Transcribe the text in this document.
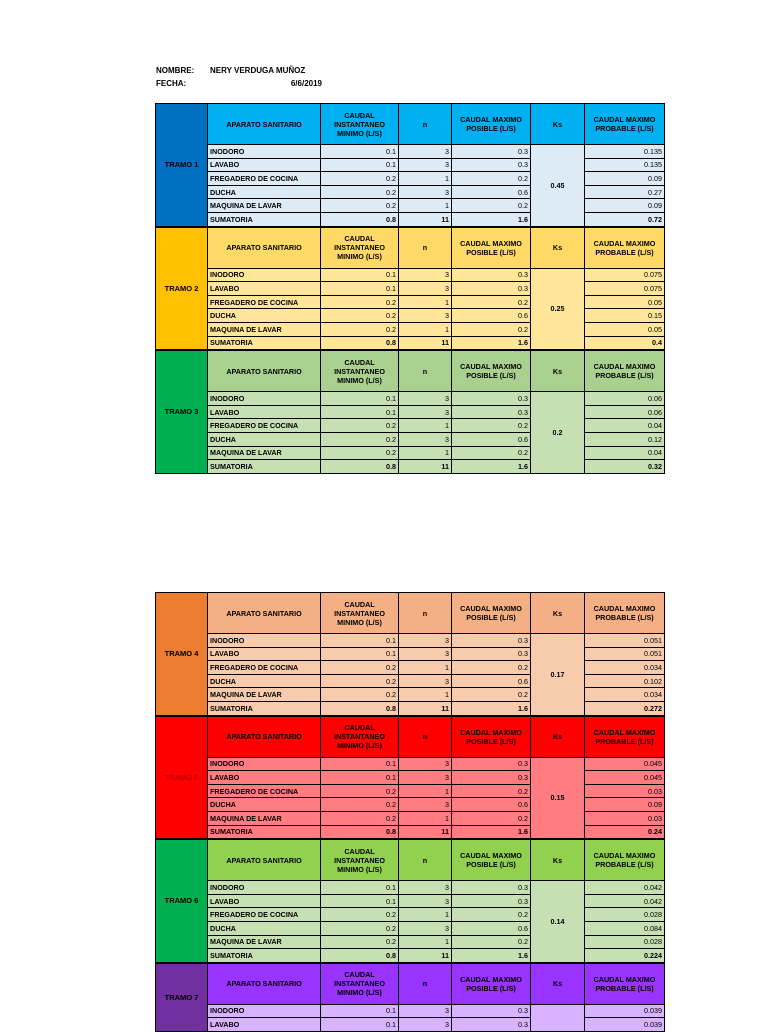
NOMBRE:	NERY VERDUGA MUÑOZ
FECHA:	6/6/2019
TRAMO 1	APARATO SANITARIO	CAUDAL INSTANTANEO MINIMO (L/S)	n	CAUDAL MAXIMO POSIBLE (L/S)	Ks	CAUDAL MAXIMO PROBABLE (L/S)
	INODORO	0.1	3	0.3	0.45	0.135
	LAVABO	0.1	3	0.3		0.135
	FREGADERO DE COCINA	0.2	1	0.2		0.09
	DUCHA	0.2	3	0.6		0.27
	MAQUINA DE LAVAR	0.2	1	0.2		0.09
	SUMATORIA	0.8	11	1.6		0.72
TRAMO 2	APARATO SANITARIO	CAUDAL INSTANTANEO MINIMO (L/S)	n	CAUDAL MAXIMO POSIBLE (L/S)	Ks	CAUDAL MAXIMO PROBABLE (L/S)
	INODORO	0.1	3	0.3	0.25	0.075
	LAVABO	0.1	3	0.3		0.075
	FREGADERO DE COCINA	0.2	1	0.2		0.05
	DUCHA	0.2	3	0.6		0.15
	MAQUINA DE LAVAR	0.2	1	0.2		0.05
	SUMATORIA	0.8	11	1.6		0.4
TRAMO 3	APARATO SANITARIO	CAUDAL INSTANTANEO MINIMO (L/S)	n	CAUDAL MAXIMO POSIBLE (L/S)	Ks	CAUDAL MAXIMO PROBABLE (L/S)
	INODORO	0.1	3	0.3	0.2	0.06
	LAVABO	0.1	3	0.3		0.06
	FREGADERO DE COCINA	0.2	1	0.2		0.04
	DUCHA	0.2	3	0.6		0.12
	MAQUINA DE LAVAR	0.2	1	0.2		0.04
	SUMATORIA	0.8	11	1.6		0.32
TRAMO 4	APARATO SANITARIO	CAUDAL INSTANTANEO MINIMO (L/S)	n	CAUDAL MAXIMO POSIBLE (L/S)	Ks	CAUDAL MAXIMO PROBABLE (L/S)
	INODORO	0.1	3	0.3	0.17	0.051
	LAVABO	0.1	3	0.3		0.051
	FREGADERO DE COCINA	0.2	1	0.2		0.034
	DUCHA	0.2	3	0.6		0.102
	MAQUINA DE LAVAR	0.2	1	0.2		0.034
	SUMATORIA	0.8	11	1.6		0.272
TRAMO 5	APARATO SANITARIO	CAUDAL INSTANTANEO MINIMO (L/S)	n	CAUDAL MAXIMO POSIBLE (L/S)	Ks	CAUDAL MAXIMO PROBABLE (L/S)
	INODORO	0.1	3	0.3	0.15	0.045
	LAVABO	0.1	3	0.3		0.045
	FREGADERO DE COCINA	0.2	1	0.2		0.03
	DUCHA	0.2	3	0.6		0.09
	MAQUINA DE LAVAR	0.2	1	0.2		0.03
	SUMATORIA	0.8	11	1.6		0.24
TRAMO 6	APARATO SANITARIO	CAUDAL INSTANTANEO MINIMO (L/S)	n	CAUDAL MAXIMO POSIBLE (L/S)	Ks	CAUDAL MAXIMO PROBABLE (L/S)
	INODORO	0.1	3	0.3	0.14	0.042
	LAVABO	0.1	3	0.3		0.042
	FREGADERO DE COCINA	0.2	1	0.2		0.028
	DUCHA	0.2	3	0.6		0.084
	MAQUINA DE LAVAR	0.2	1	0.2		0.028
	SUMATORIA	0.8	11	1.6		0.224
TRAMO 7	APARATO SANITARIO	CAUDAL INSTANTANEO MINIMO (L/S)	n	CAUDAL MAXIMO POSIBLE (L/S)	Ks	CAUDAL MAXIMO PROBABLE (L/S)
	INODORO	0.1	3	0.3		0.039
	LAVABO	0.1	3	0.3		0.039
